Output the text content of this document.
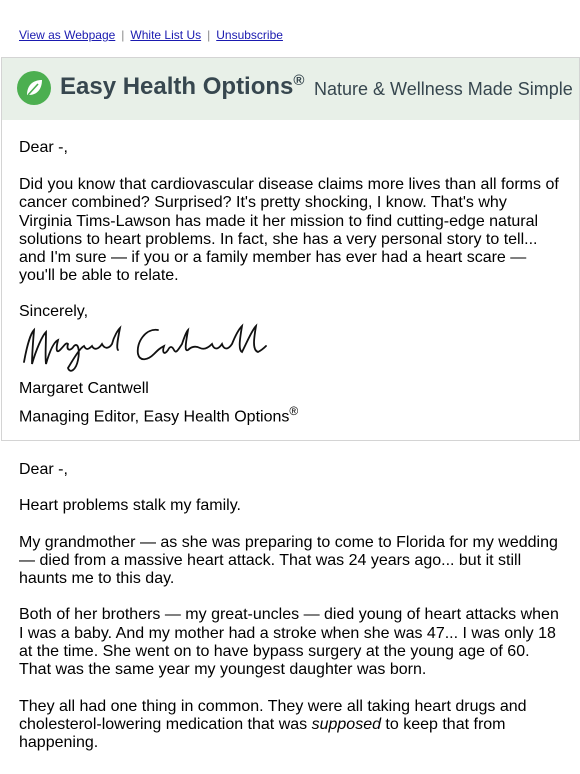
View as Webpage | White List Us | Unsubscribe
Easy Health Options® Nature & Wellness Made Simple
Dear -,
Did you know that cardiovascular disease claims more lives than all forms of cancer combined? Surprised? It's pretty shocking, I know. That's why Virginia Tims-Lawson has made it her mission to find cutting-edge natural solutions to heart problems. In fact, she has a very personal story to tell... and I'm sure — if you or a family member has ever had a heart scare — you'll be able to relate.
Sincerely,
Margaret Cantwell
Managing Editor, Easy Health Options®

Dear -,

Heart problems stalk my family.

My grandmother — as she was preparing to come to Florida for my wedding — died from a massive heart attack. That was 24 years ago... but it still haunts me to this day.

Both of her brothers — my great-uncles — died young of heart attacks when I was a baby. And my mother had a stroke when she was 47... I was only 18 at the time. She went on to have bypass surgery at the young age of 60. That was the same year my youngest daughter was born.

They all had one thing in common. They were all taking heart drugs and cholesterol-lowering medication that was supposed to keep that from happening.
